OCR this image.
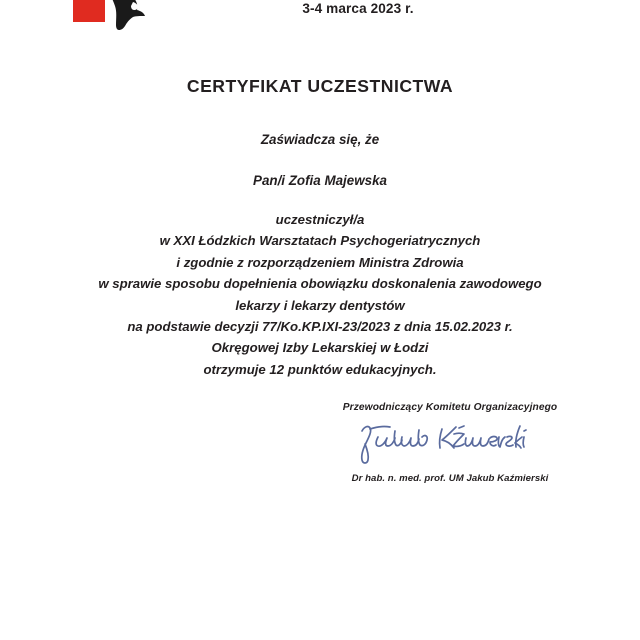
3-4 marca 2023 r.
CERTYFIKAT UCZESTNICTWA
Zaświadcza się, że
Pan/i Zofia Majewska
uczestniczył/a
w XXI Łódzkich Warsztatach Psychogeriatrycznych
i zgodnie z rozporządzeniem Ministra Zdrowia
w sprawie sposobu dopełnienia obowiązku doskonalenia zawodowego
lekarzy i lekarzy dentystów
na podstawie decyzji 77/Ko.KP.IXI-23/2023 z dnia 15.02.2023 r.
Okręgowej Izby Lekarskiej w Łodzi
otrzymuje 12 punktów edukacyjnych.
Przewodniczący Komitetu Organizacyjnego
Dr hab. n. med. prof. UM Jakub Kaźmierski
